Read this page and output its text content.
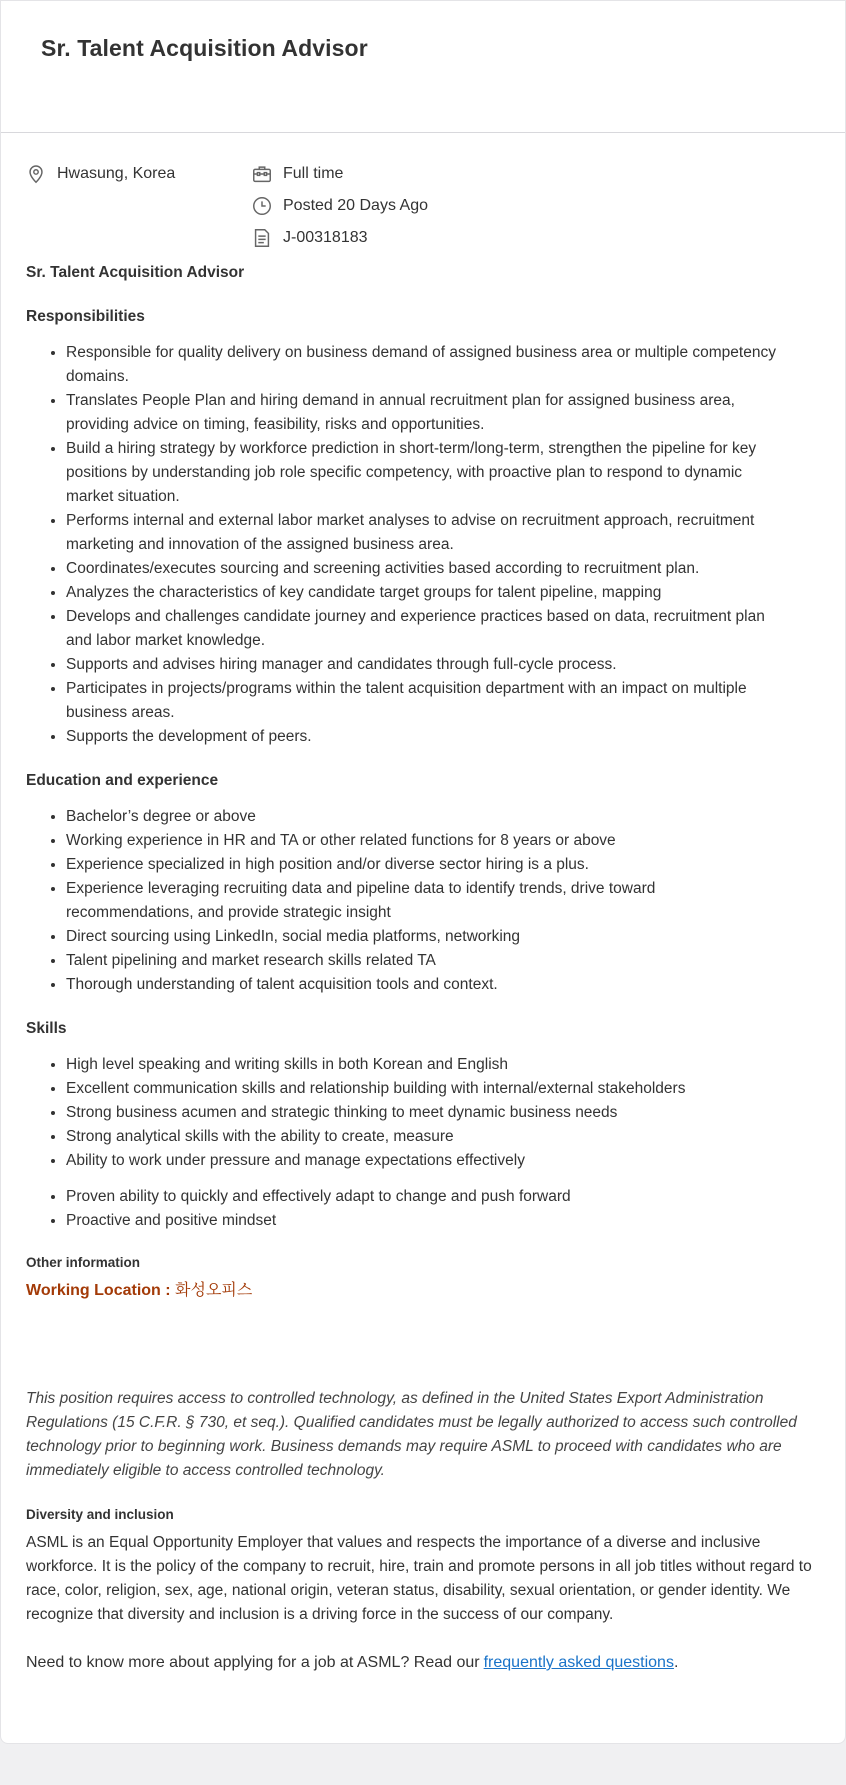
Sr. Talent Acquisition Advisor
Hwasung, Korea	Full time
Posted 20 Days Ago
J-00318183

Sr. Talent Acquisition Advisor

Responsibilities
• Responsible for quality delivery on business demand of assigned business area or multiple competency domains.
• Translates People Plan and hiring demand in annual recruitment plan for assigned business area, providing advice on timing, feasibility, risks and opportunities.
• Build a hiring strategy by workforce prediction in short-term/long-term, strengthen the pipeline for key positions by understanding job role specific competency, with proactive plan to respond to dynamic market situation.
• Performs internal and external labor market analyses to advise on recruitment approach, recruitment marketing and innovation of the assigned business area.
• Coordinates/executes sourcing and screening activities based according to recruitment plan.
• Analyzes the characteristics of key candidate target groups for talent pipeline, mapping
• Develops and challenges candidate journey and experience practices based on data, recruitment plan and labor market knowledge.
• Supports and advises hiring manager and candidates through full-cycle process.
• Participates in projects/programs within the talent acquisition department with an impact on multiple business areas.
• Supports the development of peers.
Education and experience
• Bachelor’s degree or above
• Working experience in HR and TA or other related functions for 8 years or above
• Experience specialized in high position and/or diverse sector hiring is a plus.
• Experience leveraging recruiting data and pipeline data to identify trends, drive toward recommendations, and provide strategic insight
• Direct sourcing using LinkedIn, social media platforms, networking
• Talent pipelining and market research skills related TA
• Thorough understanding of talent acquisition tools and context.
Skills
• High level speaking and writing skills in both Korean and English
• Excellent communication skills and relationship building with internal/external stakeholders
• Strong business acumen and strategic thinking to meet dynamic business needs
• Strong analytical skills with the ability to create, measure
• Ability to work under pressure and manage expectations effectively
• Proven ability to quickly and effectively adapt to change and push forward
• Proactive and positive mindset

Other information

Working Location : 화성오피스

This position requires access to controlled technology, as defined in the United States Export Administration Regulations (15 C.F.R. § 730, et seq.). Qualified candidates must be legally authorized to access such controlled technology prior to beginning work. Business demands may require ASML to proceed with candidates who are immediately eligible to access controlled technology.

Diversity and inclusion

ASML is an Equal Opportunity Employer that values and respects the importance of a diverse and inclusive workforce. It is the policy of the company to recruit, hire, train and promote persons in all job titles without regard to race, color, religion, sex, age, national origin, veteran status, disability, sexual orientation, or gender identity. We recognize that diversity and inclusion is a driving force in the success of our company.

Need to know more about applying for a job at ASML? Read our frequently asked questions.
